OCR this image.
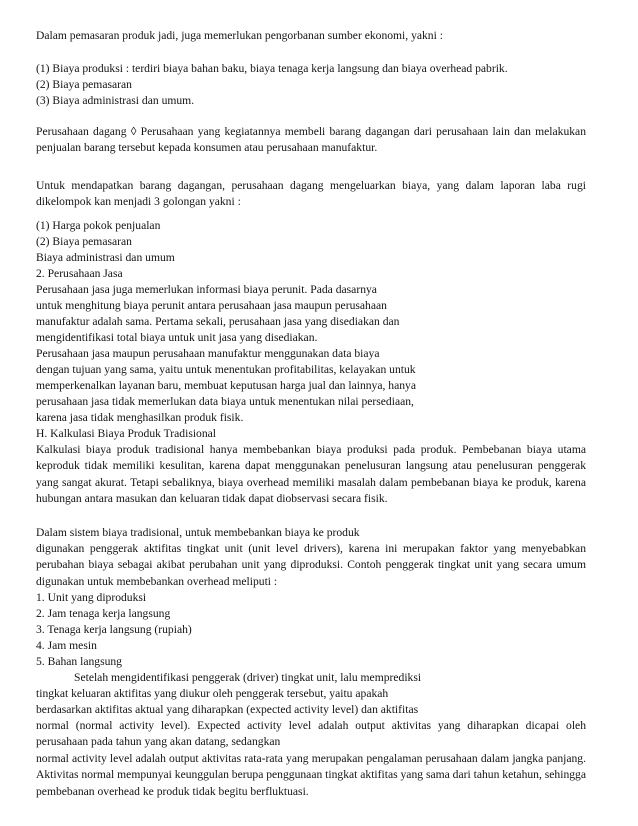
Dalam pemasaran produk jadi, juga memerlukan pengorbanan sumber ekonomi, yakni :

(1) Biaya produksi : terdiri biaya bahan baku, biaya tenaga kerja langsung dan biaya overhead pabrik.

(2) Biaya pemasaran

(3) Biaya administrasi dan umum.

Perusahaan dagang ◊ Perusahaan yang kegiatannya membeli barang dagangan dari perusahaan lain dan melakukan penjualan barang tersebut kepada konsumen atau perusahaan manufaktur.

Untuk mendapatkan barang dagangan, perusahaan dagang mengeluarkan biaya, yang dalam laporan laba rugi dikelompok kan menjadi 3 golongan yakni :

(1) Harga pokok penjualan

(2) Biaya pemasaran

Biaya administrasi dan umum

2. Perusahaan Jasa

Perusahaan jasa juga memerlukan informasi biaya perunit. Pada dasarnya

untuk menghitung biaya perunit antara perusahaan jasa maupun perusahaan

manufaktur adalah sama. Pertama sekali, perusahaan jasa yang disediakan dan

mengidentifikasi total biaya untuk unit jasa yang disediakan.

Perusahaan jasa maupun perusahaan manufaktur menggunakan data biaya

dengan tujuan yang sama, yaitu untuk menentukan profitabilitas, kelayakan untuk

memperkenalkan layanan baru, membuat keputusan harga jual dan lainnya, hanya

perusahaan jasa tidak memerlukan data biaya untuk menentukan nilai persediaan,

karena jasa tidak menghasilkan produk fisik.

H. Kalkulasi Biaya Produk Tradisional

Kalkulasi biaya produk tradisional hanya membebankan biaya produksi pada produk. Pembebanan biaya utama keproduk tidak memiliki kesulitan, karena dapat menggunakan penelusuran langsung atau penelusuran penggerak yang sangat akurat. Tetapi sebaliknya, biaya overhead memiliki masalah dalam pembebanan biaya ke produk, karena hubungan antara masukan dan keluaran tidak dapat diobservasi secara fisik.

Dalam sistem biaya tradisional, untuk membebankan biaya ke produk

digunakan penggerak aktifitas tingkat unit (unit level drivers), karena ini merupakan faktor yang menyebabkan perubahan biaya sebagai akibat perubahan unit yang diproduksi. Contoh penggerak tingkat unit yang secara umum digunakan untuk membebankan overhead meliputi :

1. Unit yang diproduksi

2. Jam tenaga kerja langsung

3. Tenaga kerja langsung (rupiah)

4. Jam mesin

5. Bahan langsung

Setelah mengidentifikasi penggerak (driver) tingkat unit, lalu memprediksi

tingkat keluaran aktifitas yang diukur oleh penggerak tersebut, yaitu apakah

berdasarkan aktifitas aktual yang diharapkan (expected activity level) dan aktifitas

normal (normal activity level). Expected activity level adalah output aktivitas yang diharapkan dicapai oleh perusahaan pada tahun yang akan datang, sedangkan

normal activity level adalah output aktivitas rata-rata yang merupakan pengalaman perusahaan dalam jangka panjang. Aktivitas normal mempunyai keunggulan berupa penggunaan tingkat aktifitas yang sama dari tahun ketahun, sehingga pembebanan overhead ke produk tidak begitu berfluktuasi.
